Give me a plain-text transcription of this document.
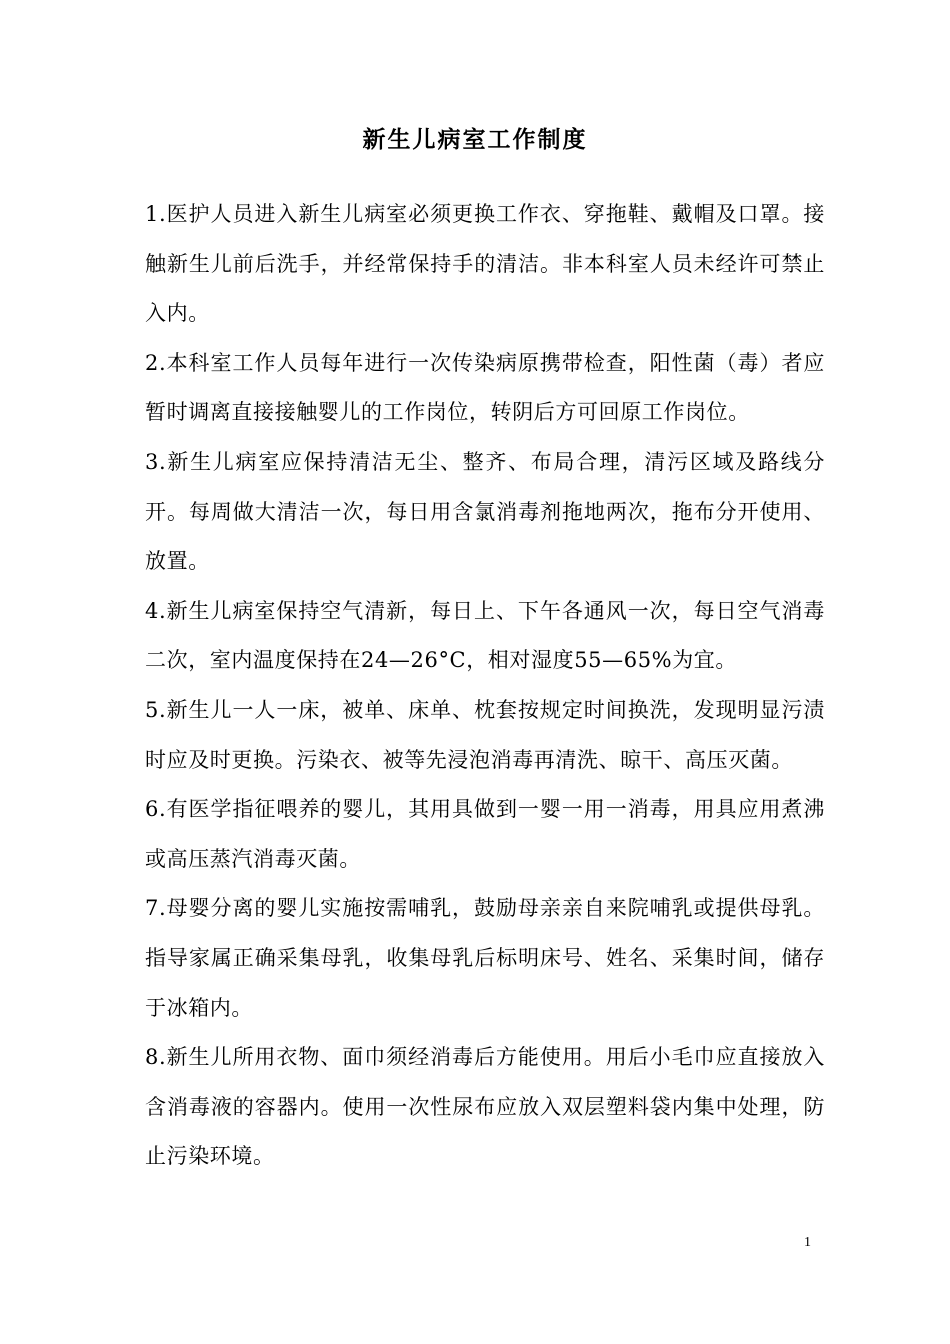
新生儿病室工作制度

1.医护人员进入新生儿病室必须更换工作衣、穿拖鞋、戴帽及口罩。接触新生儿前后洗手，并经常保持手的清洁。非本科室人员未经许可禁止入内。

2.本科室工作人员每年进行一次传染病原携带检查，阳性菌（毒）者应暂时调离直接接触婴儿的工作岗位，转阴后方可回原工作岗位。

3.新生儿病室应保持清洁无尘、整齐、布局合理，清污区域及路线分开。每周做大清洁一次，每日用含氯消毒剂拖地两次，拖布分开使用、放置。

4.新生儿病室保持空气清新，每日上、下午各通风一次，每日空气消毒二次，室内温度保持在24—26°C，相对湿度55—65%为宜。

5.新生儿一人一床，被单、床单、枕套按规定时间换洗，发现明显污渍时应及时更换。污染衣、被等先浸泡消毒再清洗、晾干、高压灭菌。

6.有医学指征喂养的婴儿，其用具做到一婴一用一消毒，用具应用煮沸或高压蒸汽消毒灭菌。

7.母婴分离的婴儿实施按需哺乳，鼓励母亲亲自来院哺乳或提供母乳。指导家属正确采集母乳，收集母乳后标明床号、姓名、采集时间，储存于冰箱内。

8.新生儿所用衣物、面巾须经消毒后方能使用。用后小毛巾应直接放入含消毒液的容器内。使用一次性尿布应放入双层塑料袋内集中处理，防止污染环境。

1
